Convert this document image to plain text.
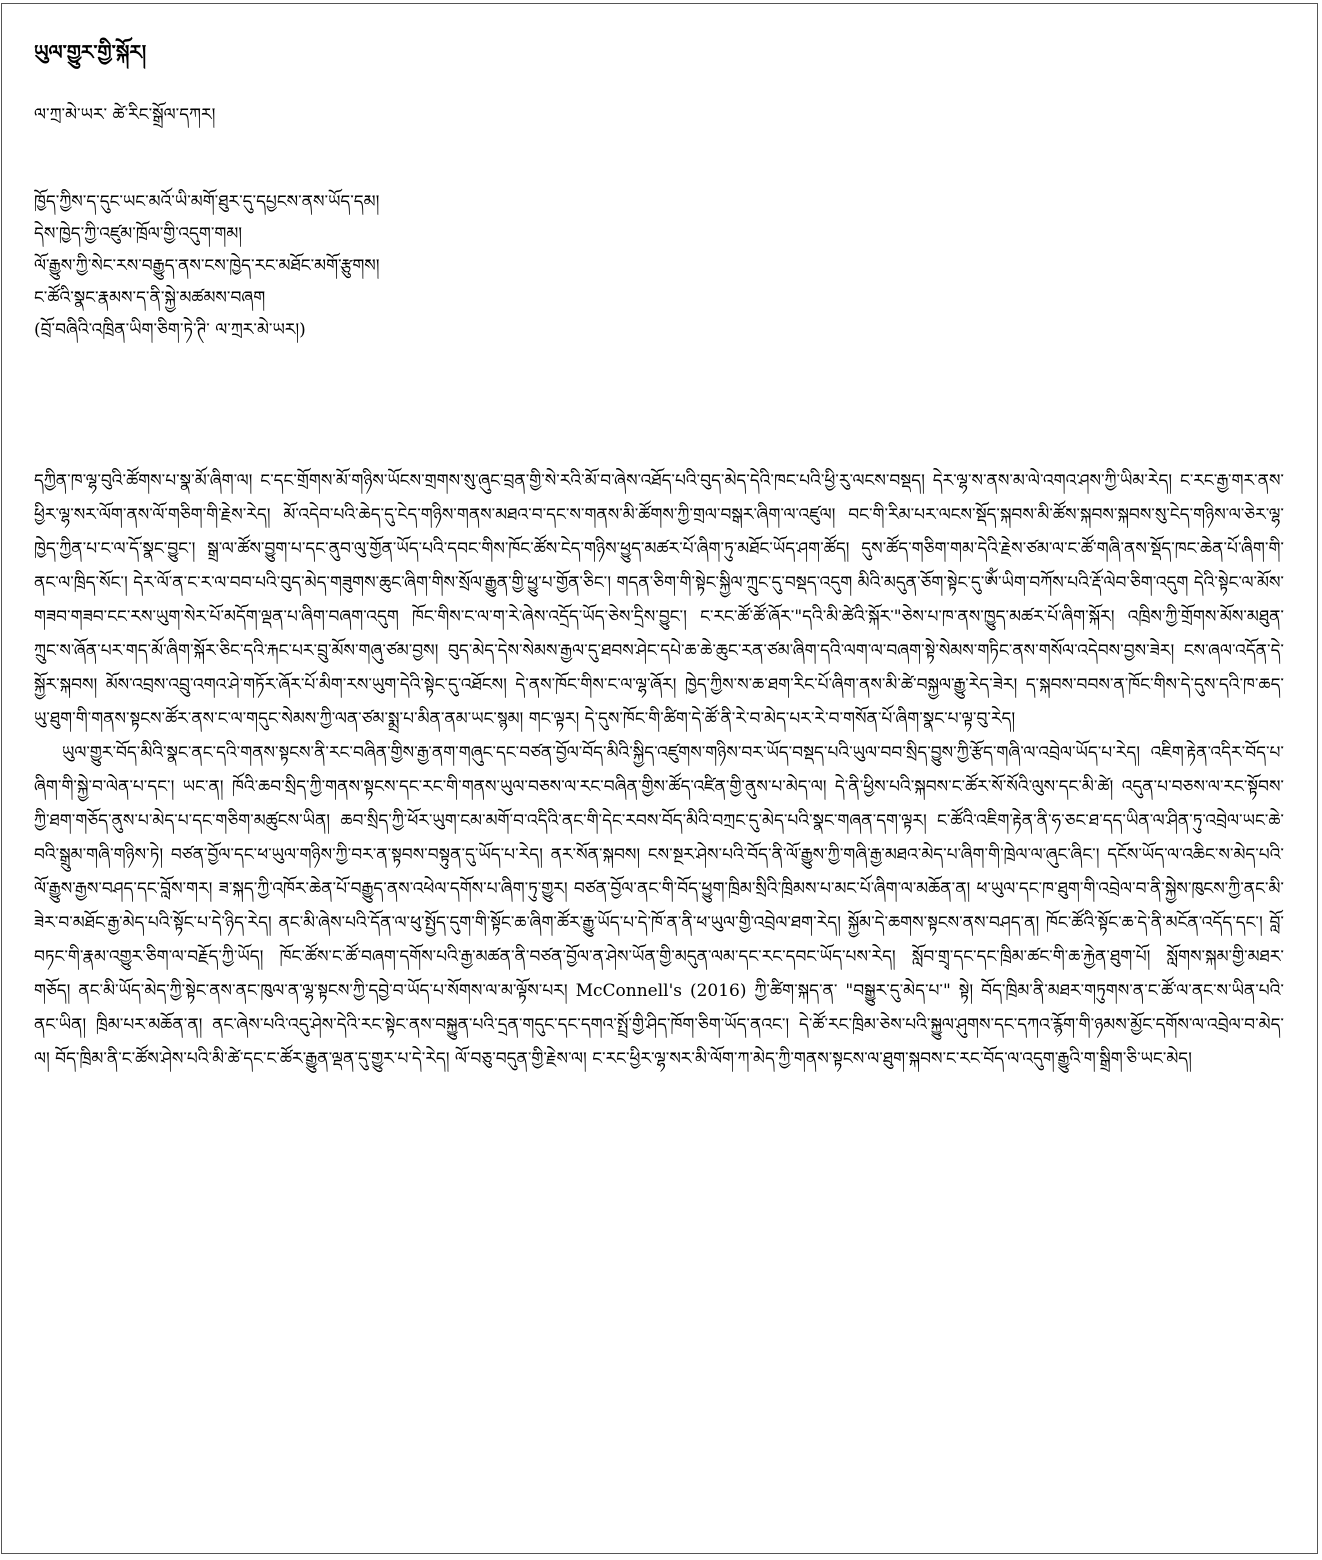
ཡུལ་གྱུར་གྱི་སྐོར།

ལ་ཀྲ་མེ་ཡར་ ཚེ་རིང་སྒྲོལ་དཀར།

ཁྱོད་ཀྱིས་ད་དུང་ཡང་མའོ་ཡི་མགོ་ཐུར་དུ་དཔྱངས་ནས་ཡོད་དམ།
དེས་ཁྱེད་ཀྱི་འཛུམ་ཁྲོལ་གྱི་འདུག་གམ།
ལོ་རྒྱུས་ཀྱི་སེང་རས་བརྒྱུད་ནས་ངས་ཁྱེད་རང་མཐོང་མགོ་རྩུགས།
ང་ཚོའི་སྣང་རྣམས་ད་ནི་སྐྱེ་མཚམས་བཞག
(བྲོ་བཞིའི་འཁྲིན་ཡིག་ཅིག་ཏེ་ཊི་ ལ་ཀྲར་མེ་ཡར།)

དཀྱིན་ཁ་ལྷ་བུའི་ཚོགས་པ་སྣ་མོ་ཞིག་ལ། ང་དང་གྲོགས་མོ་གཉིས་ཡོངས་གྲགས་སུ་ཞུང་བྲན་གྱི་སེ་རའི་མོ་བ་ཞེས་འཐོད་པའི་བུད་མེད་དེའི་ཁང་པའི་ཕྱི་རུ་ལངས་བསྡད། དེར་ལྷ་ས་ནས་མ་ལེ་འགའ་ཤས་ཀྱི་ཡིམ་རེད། ང་རང་རྒྱ་གར་ནས་ཕྱིར་ལྷ་སར་ལོག་ནས་ལོ་གཅིག་གི་རྗེས་རེད། མོ་འདེབ་པའི་ཆེད་དུ་ངེད་གཉིས་གནས་མཐའ་བ་དང་ས་གནས་མི་ཚོགས་ཀྱི་གྲལ་བསྒར་ཞིག་ལ་འཛུལ། བང་གི་རིམ་པར་ལངས་སྡོད་སྐབས་མི་ཚོས་སྐབས་སྐབས་སུ་ངེད་གཉིས་ལ་ཅེར་ལྷ་ཁྱེད་ཀྱིན་པ་ང་ལ་དོ་སྣང་བྱུང་། སྒྲ་ལ་ཚོས་བྱུག་པ་དང་ནུབ་ལུ་གྱོན་ཡོད་པའི་དབང་གིས་ཁོང་ཚོས་ངེད་གཉིས་ཕྱུད་མཚར་པོ་ཞིག་ཏུ་མཐོང་ཡོད་ཤག་ཚོད། དུས་ཚོད་གཅིག་གམ་དེའི་རྗེས་ཙམ་ལ་ང་ཚོ་གཞི་ནས་སྡོད་ཁང་ཆེན་པོ་ཞིག་གི་ནང་ལ་ཁྲིད་སོང་། དེར་ལོ་ན་ང་ར་ལ་བབ་པའི་བུད་མེད་གཟུགས་ཆུང་ཞིག་གིས་སྲོལ་རྒྱུན་གྱི་ཕྱུ་པ་གྱོན་ཅིང་། གདན་ཅིག་གི་སྟེང་སྐྱིལ་ཀྲུང་དུ་བསྡད་འདུག མིའི་མདུན་ཅོག་སྟེང་དུ་ཨོཾ་ཡིག་བཀོས་པའི་རྡོ་ལེབ་ཅིག་འདུག དེའི་སྟེང་ལ་མོས་གཟབ་གཟབ་ངང་རས་ཡུག་སེར་པོ་མདོག་ལྡན་པ་ཞིག་བཞག་འདུག ཁོང་གིས་ང་ལ་ག་རེ་ཞེས་འདྲོད་ཡོད་ཅེས་དྲིས་བྱུང་། ང་རང་ཚོ་ཚོ་ཞོར་"དའི་མི་ཚེའི་སྐོར་"ཅེས་པ་ཁ་ནས་ཁྱུད་མཚར་པོ་ཞིག་སྐོར། འཁྲིས་ཀྱི་གྲོགས་མོས་མཐུན་ཀྲུང་ས་ཞོན་པར་གད་མོ་ཞིག་སྐོར་ཅིང་དའི་རྐང་པར་བྲུ་མོས་གཞུ་ཙམ་བྱས། བུད་མེད་དེས་སེམས་རྒྱལ་དུ་ཐབས་ཤེང་དཔེ་ཆ་ཆེ་ཆུང་རན་ཙམ་ཞིག་དའི་ལག་ལ་བཞག་སྟེ་སེམས་གཏིང་ནས་གསོལ་འདེབས་བྱས་ཟེར། ངས་ཞལ་འདོན་དེ་སྐྱོར་སྐབས། མོས་འབྲས་འབྲུ་འགའ་ཤེ་གཏོར་ཞོར་པོ་མིག་རས་ཡུག་དེའི་སྟེང་དུ་འཐོངས། དེ་ནས་ཁོང་གིས་ང་ལ་ལྷ་ཞོར། ཁྱེད་ཀྱིས་ས་ཆ་ཐག་རིང་པོ་ཞིག་ནས་མི་ཚེ་བསྐྱལ་རྒྱུ་རེད་ཟེར། ད་སྐབས་བབས་ན་ཁོང་གིས་དེ་དུས་དའི་ཁ་ཆད་ཡུ་ཐུག་གི་གནས་སྟངས་ཚོར་ནས་ང་ལ་གདུང་སེམས་ཀྱི་ལན་ཙམ་སྨྲ་པ་མིན་ནམ་ཡང་སྙམ། གང་ལྟར། དེ་དུས་ཁོང་གི་ཚིག་དེ་ཚོ་ནི་རེ་བ་མེད་པར་རེ་བ་གསོན་པོ་ཞིག་སྣང་པ་ལྟ་བུ་རེད།

ཡུལ་གྱུར་བོད་མིའི་སྣང་ནང་དའི་གནས་སྟངས་ནི་རང་བཞིན་གྱིས་རྒྱ་ནག་གཞུང་དང་བཙན་བྱོལ་བོད་མིའི་སྐྱིད་འཛུགས་གཉིས་བར་ཡོད་བསྡད་པའི་ཡུལ་བབ་སྲིད་བྱུས་ཀྱི་རྩོད་གཞི་ལ་འབྲེལ་ཡོད་པ་རེད། འཇིག་རྟེན་འདིར་བོད་པ་ཞིག་གི་སྐྱེ་བ་ལེན་པ་དང་། ཡང་ན། ཁོའི་ཆབ་སྲིད་ཀྱི་གནས་སྟངས་དང་རང་གི་གནས་ཡུལ་བཅས་ལ་རང་བཞིན་གྱིས་ཚོད་འཛིན་གྱི་ནུས་པ་མེད་ལ། དེ་ནི་ཕྱིས་པའི་སྐབས་ང་ཚོར་སོ་སོའི་ལུས་དང་མི་ཚེ། འདུན་པ་བཅས་ལ་རང་སྟོབས་ཀྱི་ཐག་གཅོད་ནུས་པ་མེད་པ་དང་གཅིག་མཚུངས་ཡིན། ཆབ་སྲིད་ཀྱི་ཕོར་ཡུག་ངམ་མགོ་བ་འདིའི་ནང་གི་དེང་རབས་བོད་མིའི་བཀྲང་དུ་མེད་པའི་སྣང་གཞན་དག་ལྟར། ང་ཚོའི་འཇིག་རྟེན་ནི་ཧ་ཅང་ཐ་དད་ཡིན་ལ་ཤིན་ཏུ་འབྲེལ་ཡང་ཆེ་བའི་སྒྲུམ་གཞི་གཉིས་ཏེ། བཙན་བྱོལ་དང་ཕ་ཡུལ་གཉིས་ཀྱི་བར་ན་སྟབས་བསྟུན་དུ་ཡོད་པ་རེད། ནར་སོན་སྐབས། ངས་སྔར་ཤེས་པའི་བོད་ནི་ལོ་རྒྱུས་ཀྱི་གཞི་རྒྱ་མཐའ་མེད་པ་ཞིག་གི་ཁྲེལ་ལ་ཞུང་ཞིང་། དངོས་ཡོད་ལ་འཆིང་ས་མེད་པའི་ལོ་རྒྱུས་རྒྱས་བཤད་དང་བློས་གར། ཟ་སྐད་ཀྱི་འཁོར་ཆེན་པོ་བརྒྱུད་ནས་འཕེལ་དགོས་པ་ཞིག་ཏུ་གྱུར། བཙན་བྱོལ་ནང་གི་བོད་ཕྱུག་ཁྲིམ་སྲིའི་ཁྲིམས་པ་མང་པོ་ཞིག་ལ་མཆོན་ན། ཕ་ཡུལ་དང་ཁ་ཐུག་གི་འབྲེལ་བ་ནི་སྐྱེས་ཁུངས་ཀྱི་ནང་མི་ཟེར་བ་མཐོང་རྒྱ་མེད་པའི་སྟོང་པ་དེ་ཉིད་རེད། ནང་མི་ཞེས་པའི་དོན་ལ་ཕུ་སྤྱོད་དུག་གི་སྟོང་ཆ་ཞིག་ཚོར་རྒྱུ་ཡོད་པ་དེ་ཁོ་ན་ནི་ཕ་ཡུལ་གྱི་འབྲེལ་ཐག་རེད། སྐྱོམ་དེ་ཆགས་སྟངས་ནས་བཤད་ན། ཁོང་ཚོའི་སྟོང་ཆ་དེ་ནི་མངོན་འདོད་དང་། བློ་བཏང་གི་རྣམ་འགྱུར་ཅིག་ལ་བརྗོད་ཀྱི་ཡོད། ཁོང་ཚོས་ང་ཚོ་བཞག་དགོས་པའི་རྒྱ་མཚན་ནི་བཙན་བྱོལ་ན་ཤེས་ཡོན་གྱི་མདུན་ལམ་དང་རང་དབང་ཡོད་པས་རེད། སློབ་གྲྭ་དང་དང་ཁྲིམ་ཚང་གི་ཆ་རྐྱེན་ཐུག་པོ། སློགས་སྐམ་གྱི་མཐར་གཅོད། ནང་མི་ཡོད་མེད་ཀྱི་སྟེང་ནས་ནང་ཁུལ་ན་ལྷ་སྟངས་ཀྱི་དབྱེ་བ་ཡོད་པ་སོགས་ལ་མ་ལྟོས་པར། McConnell's (2016) ཀྱི་ཚིག་སྐད་ན་ "བསྒྱུར་དུ་མེད་པ་" སྟེ། བོད་ཁྲིམ་ནི་མཐར་གཏུགས་ན་ང་ཚོ་ལ་ནང་ས་ཡིན་པའི་ནང་ཡིན། ཁྲིམ་པར་མཆོན་ན། ནང་ཞེས་པའི་འདུ་ཤེས་དེའི་རང་སྟེང་ནས་བསྐྱུན་པའི་དྲན་གདུང་དང་དགའ་སྤྲོ་གྱི་ཤིད་ཁོག་ཅིག་ཡོད་ནའང་། དེ་ཚོ་རང་ཁྲིམ་ཅེས་པའི་སྐྱུལ་ཤུགས་དང་དཀའ་རྙོག་གི་ཉམས་མྱོང་དགོས་ལ་འབྲེལ་བ་མེད་ལ། བོད་ཁྲིམ་ནི་ང་ཚོས་ཤེས་པའི་མི་ཚེ་དང་ང་ཚོར་རྒྱུན་ལྡན་དུ་གྱུར་པ་དེ་རེད། ལོ་བཅུ་བདུན་གྱི་རྗེས་ལ། ང་རང་ཕྱིར་ལྷ་སར་མི་ལོག་ཀ་མེད་ཀྱི་གནས་སྟངས་ལ་ཐུག་སྐབས་ང་རང་བོད་ལ་འདུག་རྒྱུའི་ག་སྒྲིག་ཅི་ཡང་མེད།
